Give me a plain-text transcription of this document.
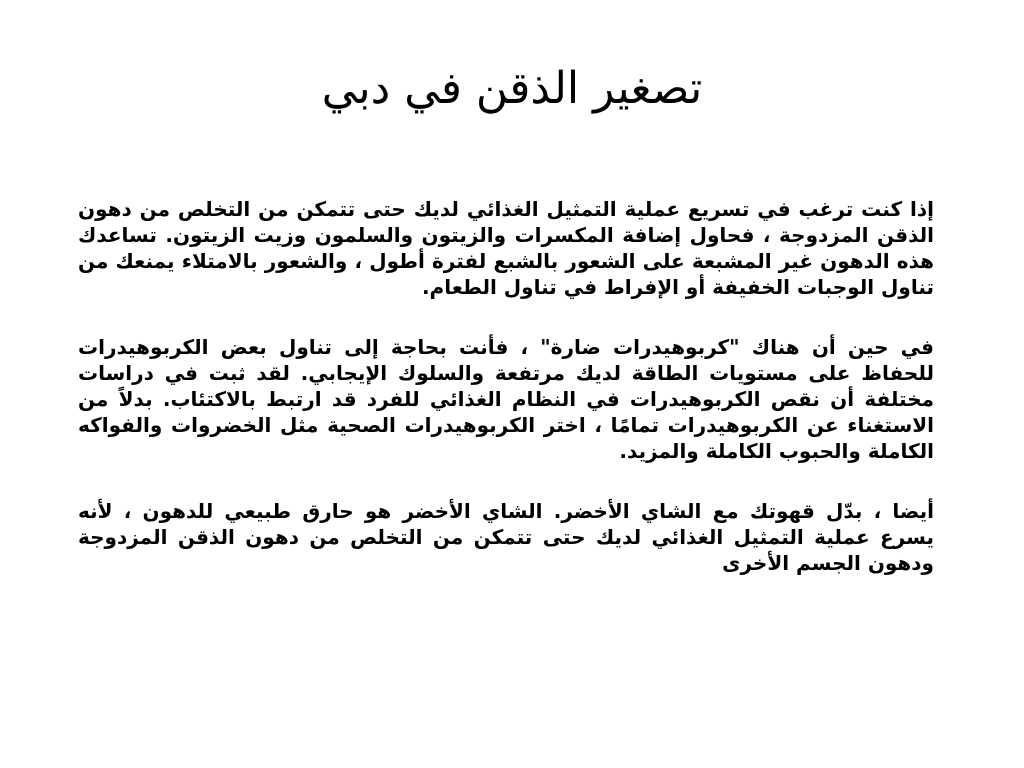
تصغير الذقن في دبي

إذا كنت ترغب في تسريع عملية التمثيل الغذائي لديك حتى تتمكن من التخلص من دهون الذقن المزدوجة ، فحاول إضافة المكسرات والزيتون والسلمون وزيت الزيتون. تساعدك هذه الدهون غير المشبعة على الشعور بالشبع لفترة أطول ، والشعور بالامتلاء يمنعك من تناول الوجبات الخفيفة أو الإفراط في تناول الطعام.

في حين أن هناك "كربوهيدرات ضارة" ، فأنت بحاجة إلى تناول بعض الكربوهيدرات للحفاظ على مستويات الطاقة لديك مرتفعة والسلوك الإيجابي. لقد ثبت في دراسات مختلفة أن نقص الكربوهيدرات في النظام الغذائي للفرد قد ارتبط بالاكتئاب. بدلاً من الاستغناء عن الكربوهيدرات تمامًا ، اختر الكربوهيدرات الصحية مثل الخضروات والفواكه الكاملة والحبوب الكاملة والمزيد.

أيضا ، بدّل قهوتك مع الشاي الأخضر. الشاي الأخضر هو حارق طبيعي للدهون ، لأنه يسرع عملية التمثيل الغذائي لديك حتى تتمكن من التخلص من دهون الذقن المزدوجة ودهون الجسم الأخرى
